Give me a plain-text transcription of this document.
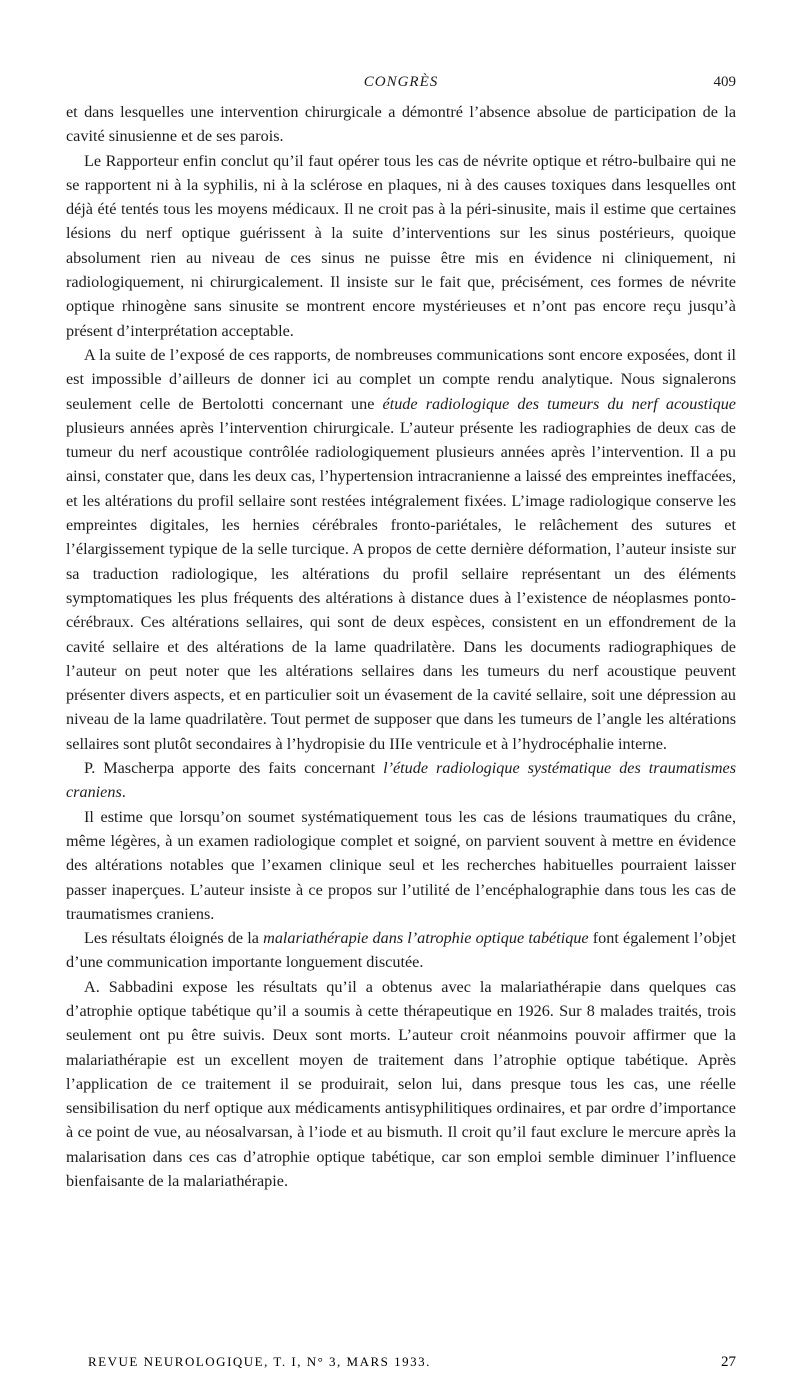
CONGRÈS	409

et dans lesquelles une intervention chirurgicale a démontré l’absence absolue de participation de la cavité sinusienne et de ses parois.

Le Rapporteur enfin conclut qu’il faut opérer tous les cas de névrite optique et rétro-bulbaire qui ne se rapportent ni à la syphilis, ni à la sclérose en plaques, ni à des causes toxiques dans lesquelles ont déjà été tentés tous les moyens médicaux. Il ne croit pas à la péri-sinusite, mais il estime que certaines lésions du nerf optique guérissent à la suite d’interventions sur les sinus postérieurs, quoique absolument rien au niveau de ces sinus ne puisse être mis en évidence ni cliniquement, ni radiologiquement, ni chirurgicalement. Il insiste sur le fait que, précisément, ces formes de névrite optique rhinogène sans sinusite se montrent encore mystérieuses et n’ont pas encore reçu jusqu’à présent d’interprétation acceptable.

A la suite de l’exposé de ces rapports, de nombreuses communications sont encore exposées, dont il est impossible d’ailleurs de donner ici au complet un compte rendu analytique. Nous signalerons seulement celle de Bertolotti concernant une étude radiologique des tumeurs du nerf acoustique plusieurs années après l’intervention chirurgicale. L’auteur présente les radiographies de deux cas de tumeur du nerf acoustique contrôlée radiologiquement plusieurs années après l’intervention. Il a pu ainsi, constater que, dans les deux cas, l’hypertension intracranienne a laissé des empreintes ineffacées, et les altérations du profil sellaire sont restées intégralement fixées. L’image radiologique conserve les empreintes digitales, les hernies cérébrales fronto-pariétales, le relâchement des sutures et l’élargissement typique de la selle turcique. A propos de cette dernière déformation, l’auteur insiste sur sa traduction radiologique, les altérations du profil sellaire représentant un des éléments symptomatiques les plus fréquents des altérations à distance dues à l’existence de néoplasmes ponto-cérébraux. Ces altérations sellaires, qui sont de deux espèces, consistent en un effondrement de la cavité sellaire et des altérations de la lame quadrilatère. Dans les documents radiographiques de l’auteur on peut noter que les altérations sellaires dans les tumeurs du nerf acoustique peuvent présenter divers aspects, et en particulier soit un évasement de la cavité sellaire, soit une dépression au niveau de la lame quadrilatère. Tout permet de supposer que dans les tumeurs de l’angle les altérations sellaires sont plutôt secondaires à l’hydropisie du IIIe ventricule et à l’hydrocéphalie interne.

P. Mascherpa apporte des faits concernant l’étude radiologique systématique des traumatismes craniens.

Il estime que lorsqu’on soumet systématiquement tous les cas de lésions traumatiques du crâne, même légères, à un examen radiologique complet et soigné, on parvient souvent à mettre en évidence des altérations notables que l’examen clinique seul et les recherches habituelles pourraient laisser passer inaperçues. L’auteur insiste à ce propos sur l’utilité de l’encéphalographie dans tous les cas de traumatismes craniens.

Les résultats éloignés de la malariathérapie dans l’atrophie optique tabétique font également l’objet d’une communication importante longuement discutée.

A. Sabbadini expose les résultats qu’il a obtenus avec la malariathérapie dans quelques cas d’atrophie optique tabétique qu’il a soumis à cette thérapeutique en 1926. Sur 8 malades traités, trois seulement ont pu être suivis. Deux sont morts. L’auteur croit néanmoins pouvoir affirmer que la malariathérapie est un excellent moyen de traitement dans l’atrophie optique tabétique. Après l’application de ce traitement il se produirait, selon lui, dans presque tous les cas, une réelle sensibilisation du nerf optique aux médicaments antisyphilitiques ordinaires, et par ordre d’importance à ce point de vue, au néosalvarsan, à l’iode et au bismuth. Il croit qu’il faut exclure le mercure après la malarisation dans ces cas d’atrophie optique tabétique, car son emploi semble diminuer l’influence bienfaisante de la malariathérapie.

REVUE NEUROLOGIQUE, T. I, N° 3, MARS 1933.	27
